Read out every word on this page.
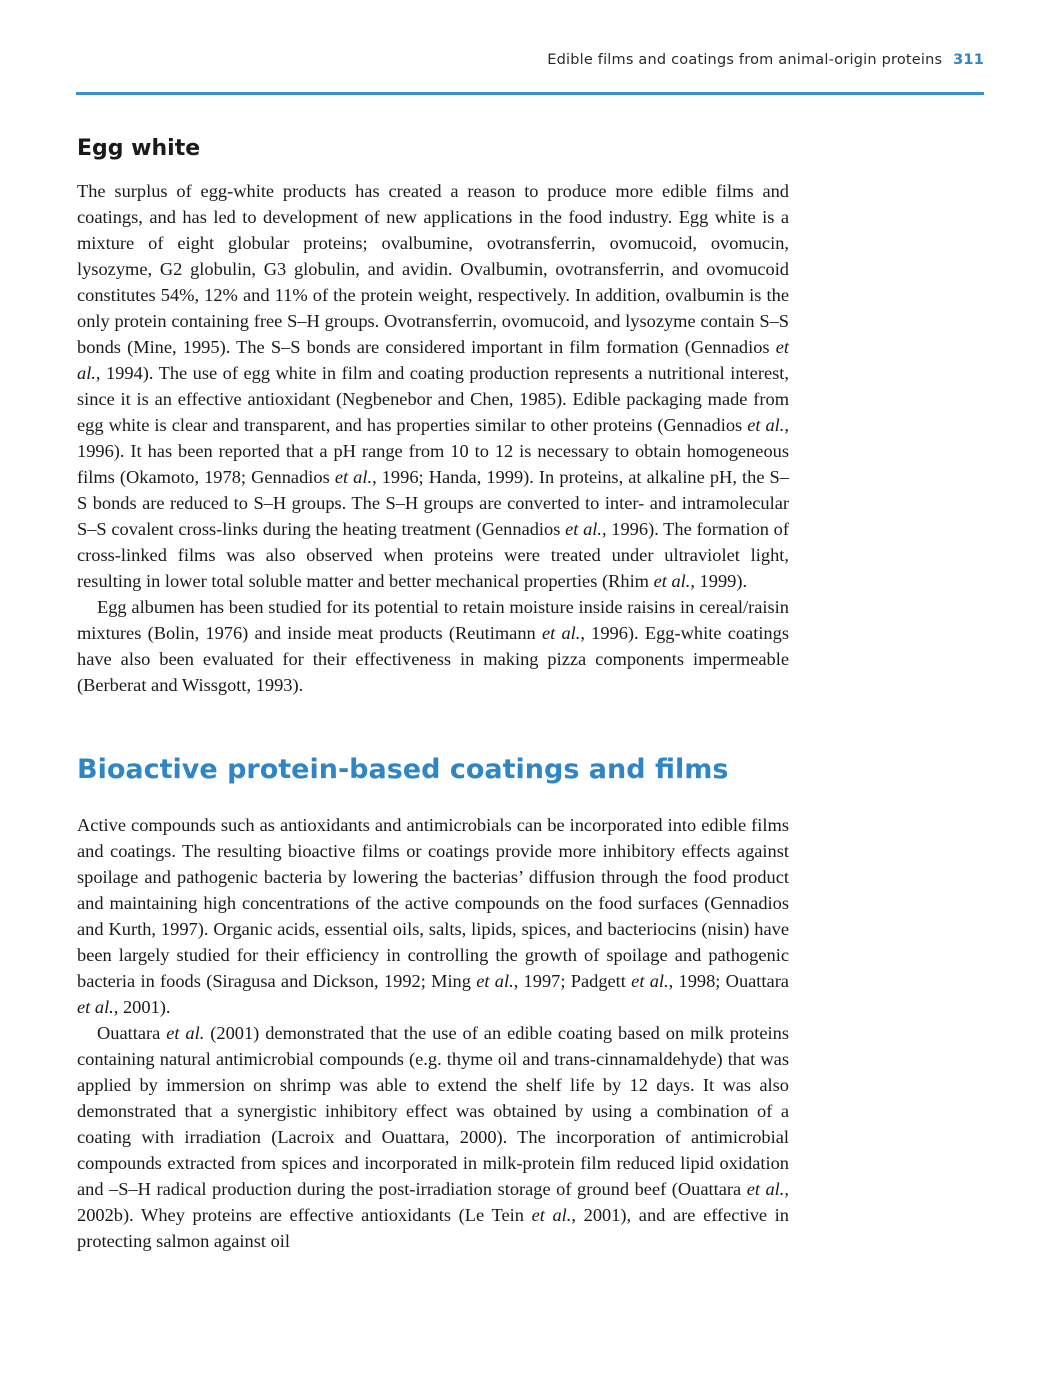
Edible films and coatings from animal-origin proteins 311
Egg white

The surplus of egg-white products has created a reason to produce more edible films and coatings, and has led to development of new applications in the food industry. Egg white is a mixture of eight globular proteins; ovalbumine, ovotransferrin, ovomucoid, ovomucin, lysozyme, G2 globulin, G3 globulin, and avidin. Ovalbumin, ovotransferrin, and ovomucoid constitutes 54%, 12% and 11% of the protein weight, respectively. In addition, ovalbumin is the only protein containing free S–H groups. Ovotransferrin, ovomucoid, and lysozyme contain S–S bonds (Mine, 1995). The S–S bonds are considered important in film formation (Gennadios et al., 1994). The use of egg white in film and coating production represents a nutritional interest, since it is an effective antioxidant (Negbenebor and Chen, 1985). Edible packaging made from egg white is clear and transparent, and has properties similar to other proteins (Gennadios et al., 1996). It has been reported that a pH range from 10 to 12 is necessary to obtain homogeneous films (Okamoto, 1978; Gennadios et al., 1996; Handa, 1999). In proteins, at alkaline pH, the S–S bonds are reduced to S–H groups. The S–H groups are converted to inter- and intramolecular S–S covalent cross-links during the heating treatment (Gennadios et al., 1996). The formation of cross-linked films was also observed when proteins were treated under ultraviolet light, resulting in lower total soluble matter and better mechanical properties (Rhim et al., 1999).

Egg albumen has been studied for its potential to retain moisture inside raisins in cereal/raisin mixtures (Bolin, 1976) and inside meat products (Reutimann et al., 1996). Egg-white coatings have also been evaluated for their effectiveness in making pizza components impermeable (Berberat and Wissgott, 1993).

Bioactive protein-based coatings and films

Active compounds such as antioxidants and antimicrobials can be incorporated into edible films and coatings. The resulting bioactive films or coatings provide more inhibitory effects against spoilage and pathogenic bacteria by lowering the bacterias’ diffusion through the food product and maintaining high concentrations of the active compounds on the food surfaces (Gennadios and Kurth, 1997). Organic acids, essential oils, salts, lipids, spices, and bacteriocins (nisin) have been largely studied for their efficiency in controlling the growth of spoilage and pathogenic bacteria in foods (Siragusa and Dickson, 1992; Ming et al., 1997; Padgett et al., 1998; Ouattara et al., 2001).

Ouattara et al. (2001) demonstrated that the use of an edible coating based on milk proteins containing natural antimicrobial compounds (e.g. thyme oil and trans-cinnamaldehyde) that was applied by immersion on shrimp was able to extend the shelf life by 12 days. It was also demonstrated that a synergistic inhibitory effect was obtained by using a combination of a coating with irradiation (Lacroix and Ouattara, 2000). The incorporation of antimicrobial compounds extracted from spices and incorporated in milk-protein film reduced lipid oxidation and –S–H radical production during the post-irradiation storage of ground beef (Ouattara et al., 2002b). Whey proteins are effective antioxidants (Le Tein et al., 2001), and are effective in protecting salmon against oil
